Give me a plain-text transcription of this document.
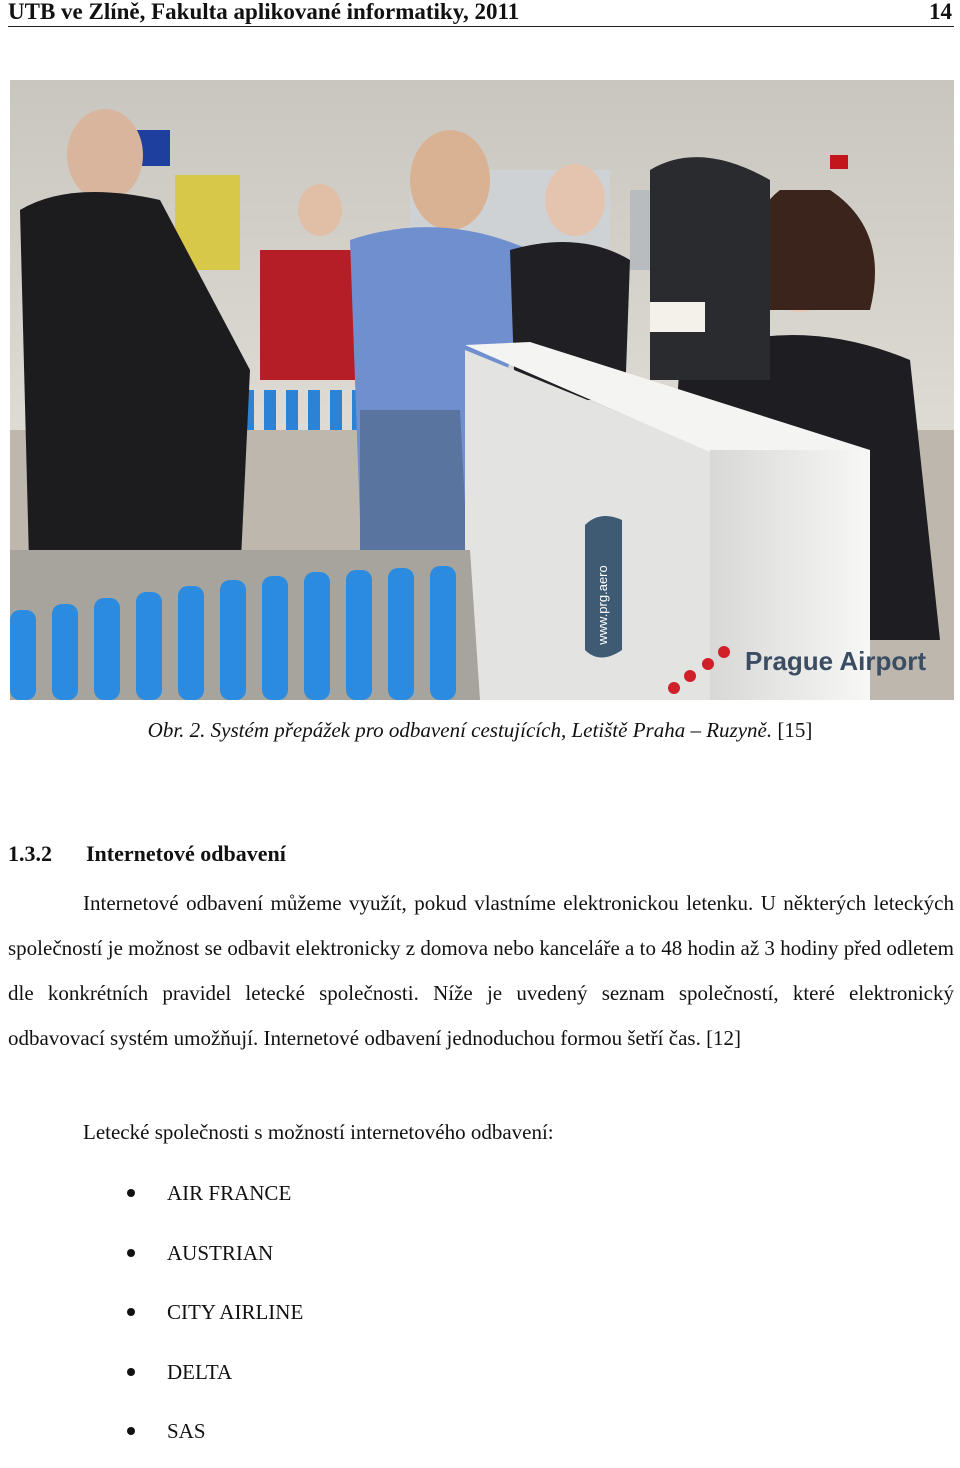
UTB ve Zlíně, Fakulta aplikované informatiky, 2011	14
www.prg.aero
Prague Airport
Obr. 2. Systém přepážek pro odbavení cestujících, Letiště Praha – Ruzyně. [15]
1.3.2 Internetové odbavení

Internetové odbavení můžeme využít, pokud vlastníme elektronickou letenku. U některých leteckých společností je možnost se odbavit elektronicky z domova nebo kanceláře a to 48 hodin až 3 hodiny před odletem dle konkrétních pravidel letecké společnosti. Níže je uvedený seznam společností, které elektronický odbavovací systém umožňují. Internetové odbavení jednoduchou formou šetří čas. [12]

Letecké společnosti s možností internetového odbavení:
AIR FRANCE
AUSTRIAN
CITY AIRLINE
DELTA
SAS
